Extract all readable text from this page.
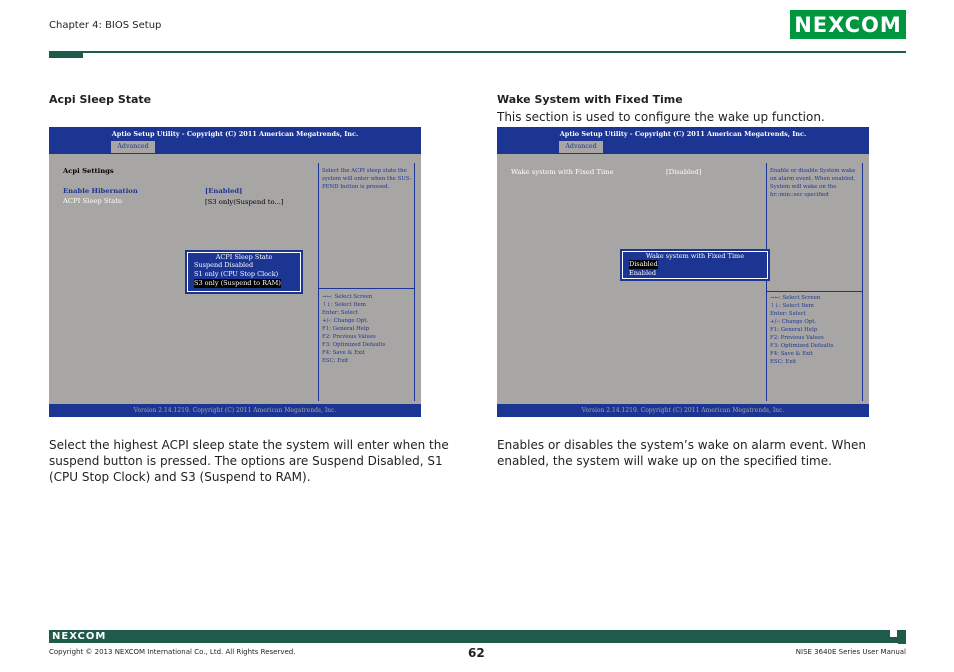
Chapter 4: BIOS Setup	NEXCOM
Acpi Sleep State
Aptio Setup Utility - Copyright (C) 2011 American Megatrends, Inc.
Advanced
Acpi Settings
Enable Hibernation	[Enabled]
ACPI Sleep State	[S3 only(Suspend to...]
Select the ACPI sleep state the system will enter when the SUS-PEND button is pressed.
→←: Select Screen
↑↓: Select Item
Enter: Select
+/-: Change Opt.
F1: General Help
F2: Previous Values
F3: Optimized Defaults
F4: Save & Exit
ESC: Exit
ACPI Sleep State
Suspend Disabled
S1 only (CPU Stop Clock)
S3 only (Suspend to RAM)
Version 2.14.1219. Copyright (C) 2011 American Megatrends, Inc.
Select the highest ACPI sleep state the system will enter when the suspend button is pressed. The options are Suspend Disabled, S1 (CPU Stop Clock) and S3 (Suspend to RAM).
Wake System with Fixed Time
This section is used to configure the wake up function.
Aptio Setup Utility - Copyright (C) 2011 American Megatrends, Inc.
Advanced
Wake system with Fixed Time	[Disabled]	Enable or disable System wake on alarm event. When enabled, System will wake on the hr::min::sec specified
→←: Select Screen
↑↓: Select Item
Enter: Select
+/-: Change Opt.
F1: General Help
F2: Previous Values
F3: Optimized Defaults
F4: Save & Exit
ESC: Exit
Wake system with Fixed Time
Disabled
Enabled
Version 2.14.1219. Copyright (C) 2011 American Megatrends, Inc.
Enables or disables the system’s wake on alarm event. When enabled, the system will wake up on the specified time.
NEXCOM
Copyright © 2013 NEXCOM International Co., Ltd. All Rights Reserved.	62	NISE 3640E Series User Manual
